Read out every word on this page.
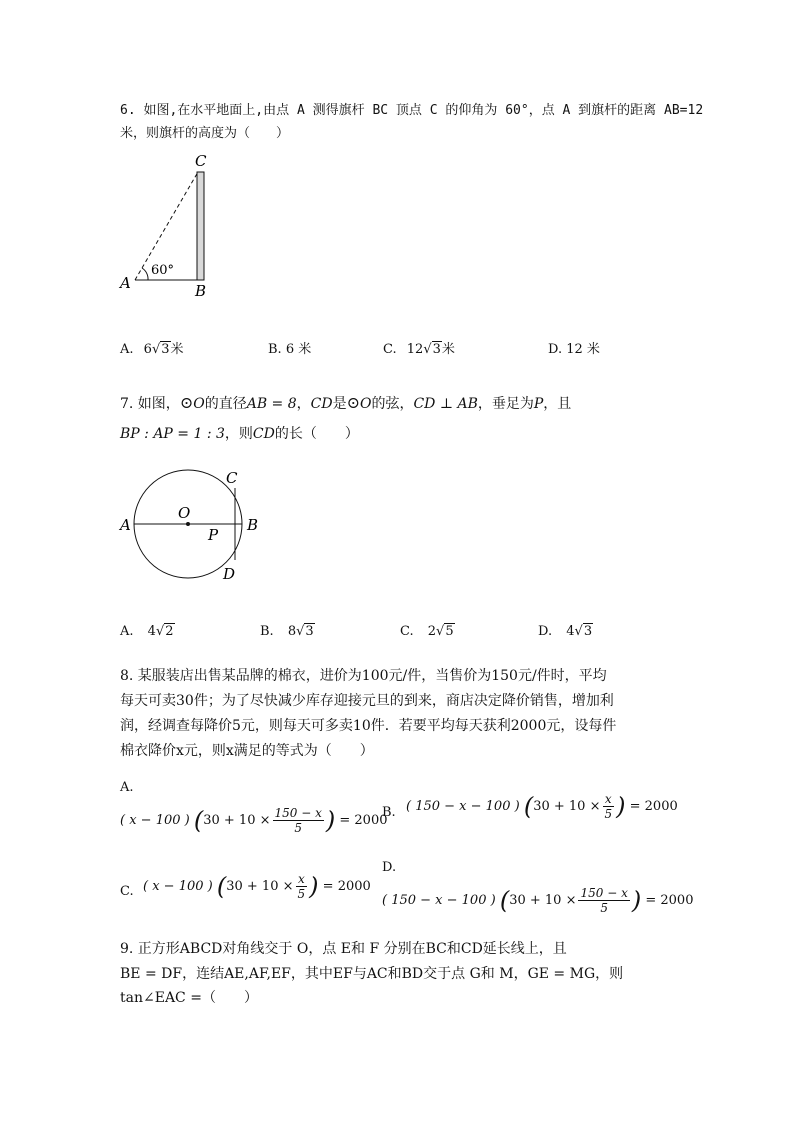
6. 如图,在水平地面上,由点 A 测得旗杆 BC 顶点 C 的仰角为 60°，点 A 到旗杆的距离 AB=12
米，则旗杆的高度为（　　）
C
A	B
60°
A. 6√3米	B. 6 米	C. 12√3米	D. 12 米
7. 如图，⊙O的直径AB = 8，CD是⊙O的弦，CD ⊥ AB，垂足为P，且
BP : AP = 1 : 3，则CD的长（　　）
A	B
C
D
O
P
A. 4√2	B. 8√3	C. 2√5	D. 4√3
8. 某服装店出售某品牌的棉衣，进价为100元/件，当售价为150元/件时，平均
每天可卖30件；为了尽快减少库存迎接元旦的到来，商店决定降价销售，增加利
润，经调查每降价5元，则每天可多卖10件．若要平均每天获利2000元，设每件
棉衣降价x元，则x满足的等式为（　　）
A.
( x − 100 ) ($30 + 10 \times \frac{150 - x}{5}$ ) = 2000
B. ( 150 − x − 100 ) ($30 + 10 \times \frac{x}{5}$ ) = 2000
C. ( x − 100 ) ($30 + 10 \times \frac{x}{5}$ ) = 2000
D.
( 150 − x − 100 ) ($30 + 10 \times \frac{150 - x}{5}$ ) = 2000
9. 正方形ABCD对角线交于 O，点 E和 F 分别在BC和CD延长线上，且
BE = DF，连结AE,AF,EF，其中EF与AC和BD交于点 G和 M，GE = MG，则
tan∠EAC =（　　）
